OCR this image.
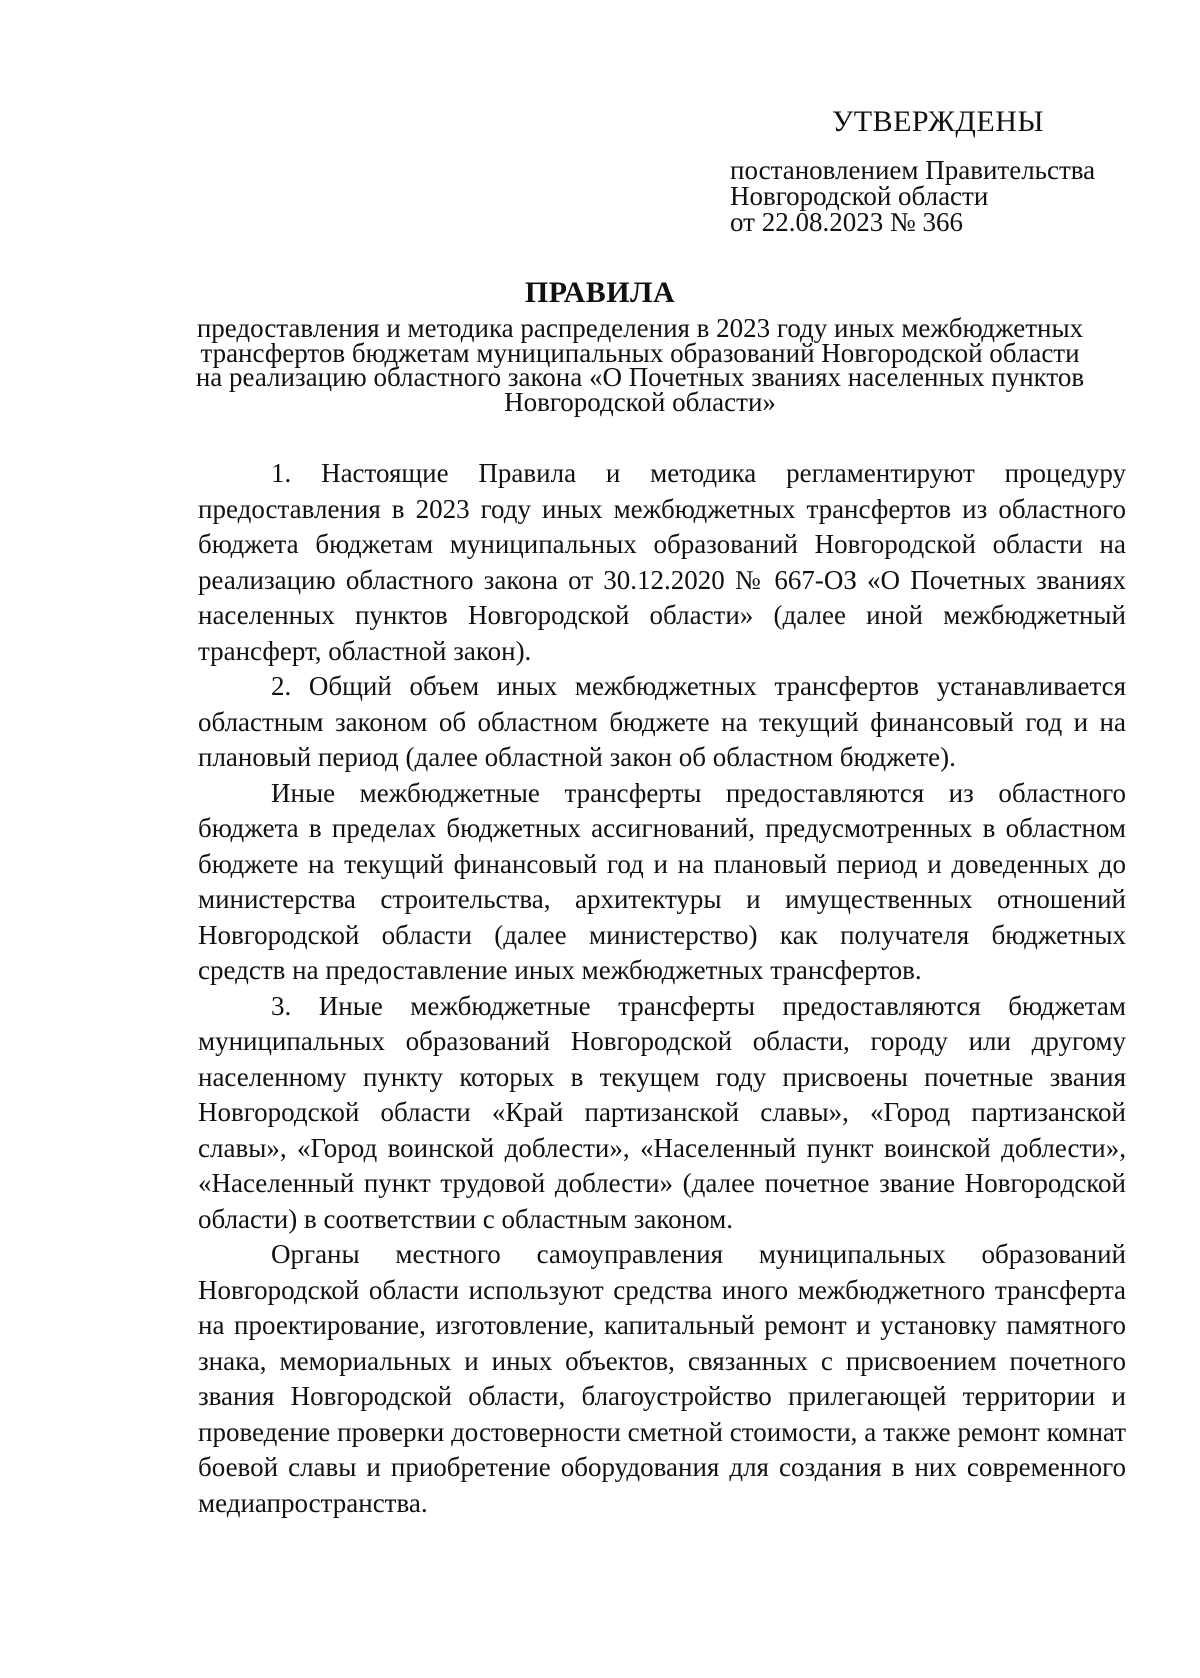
УТВЕРЖДЕНЫ
постановлением Правительства
Новгородской области
от 22.08.2023 № 366
ПРАВИЛА
предоставления и методика распределения в 2023 году иных межбюджетных
трансфертов бюджетам муниципальных образований Новгородской области
на реализацию областного закона «О Почетных званиях населенных пунктов
Новгородской области»

1. Настоящие Правила и методика регламентируют процедуру предоставления в 2023 году иных межбюджетных трансфертов из областного бюджета бюджетам муниципальных образований Новгородской области на реализацию областного закона от 30.12.2020 № 667-ОЗ «О Почетных званиях населенных пунктов Новгородской области» (далее иной межбюджетный трансферт, областной закон).

2. Общий объем иных межбюджетных трансфертов устанавливается областным законом об областном бюджете на текущий финансовый год и на плановый период (далее областной закон об областном бюджете).

Иные межбюджетные трансферты предоставляются из областного бюджета в пределах бюджетных ассигнований, предусмотренных в областном бюджете на текущий финансовый год и на плановый период и доведенных до министерства строительства, архитектуры и имущественных отношений Новгородской области (далее министерство) как получателя бюджетных средств на предоставление иных межбюджетных трансфертов.

3. Иные межбюджетные трансферты предоставляются бюджетам муниципальных образований Новгородской области, городу или другому населенному пункту которых в текущем году присвоены почетные звания Новгородской области «Край партизанской славы», «Город партизанской славы», «Город воинской доблести», «Населенный пункт воинской доблести», «Населенный пункт трудовой доблести» (далее почетное звание Новгородской области) в соответствии с областным законом.

Органы местного самоуправления муниципальных образований Новгородской области используют средства иного межбюджетного трансферта на проектирование, изготовление, капитальный ремонт и установку памятного знака, мемориальных и иных объектов, связанных с присвоением почетного звания Новгородской области, благоустройство прилегающей территории и проведение проверки достоверности сметной стоимости, а также ремонт комнат боевой славы и приобретение оборудования для создания в них современного медиапространства.
